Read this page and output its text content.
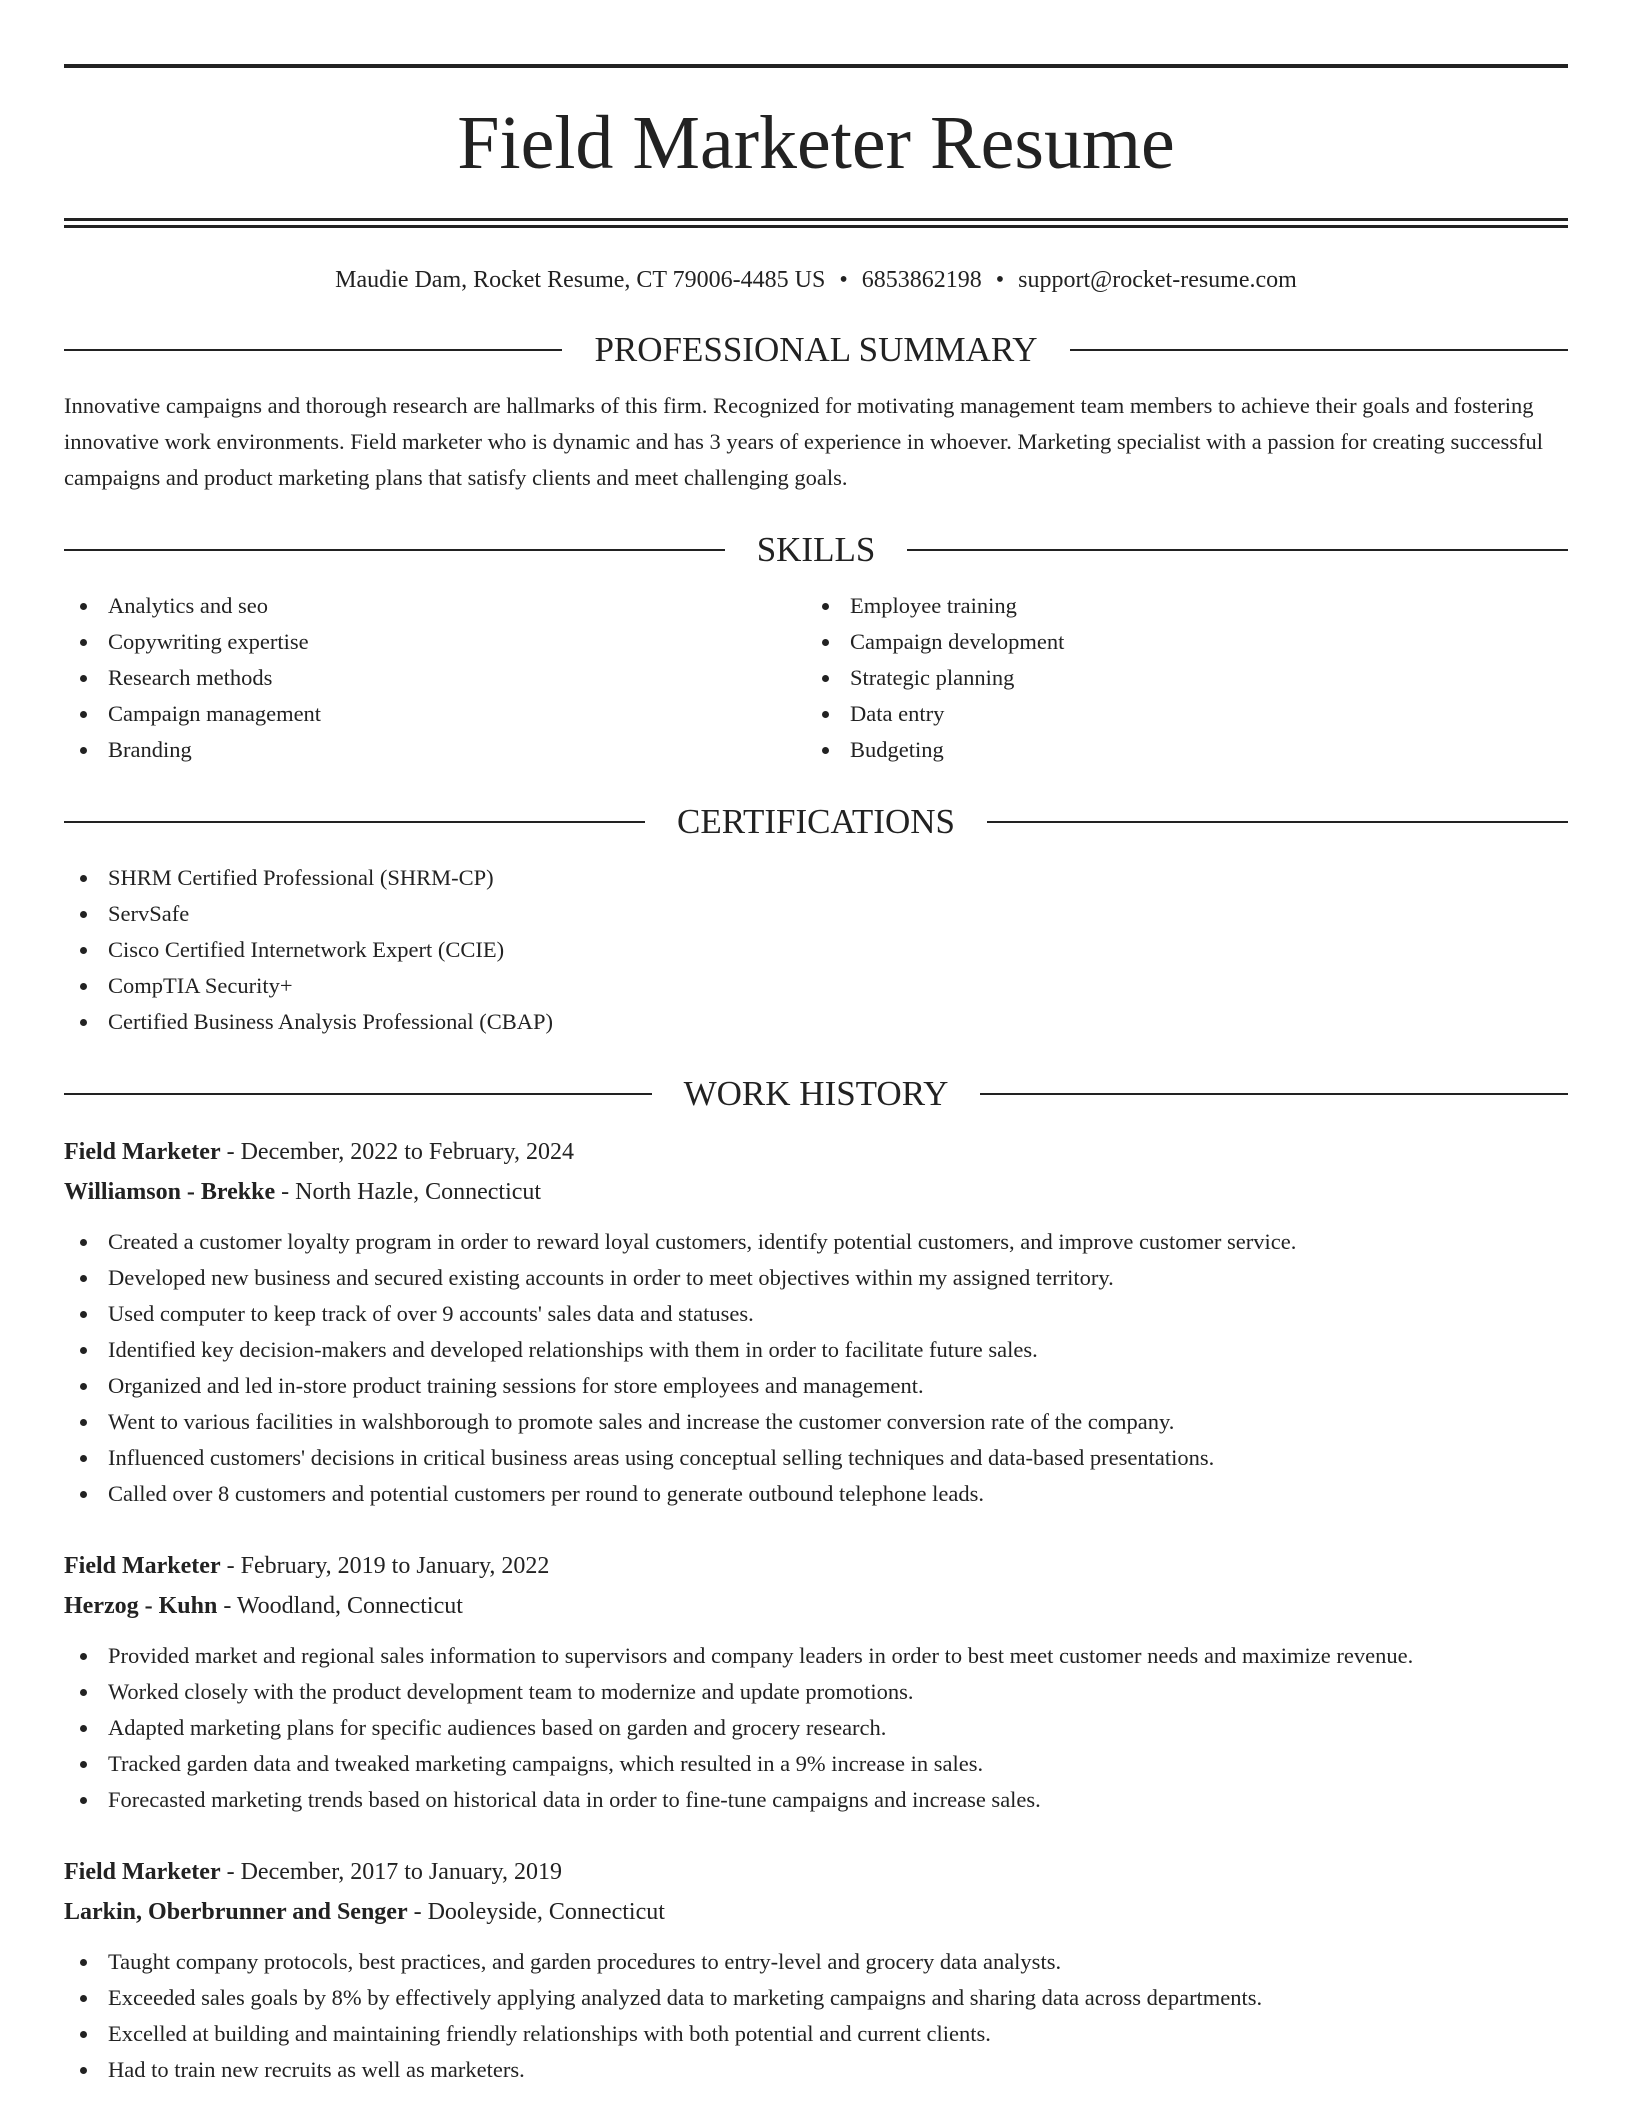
Field Marketer Resume
Maudie Dam, Rocket Resume, CT 79006-4485 US • 6853862198 • support@rocket-resume.com
PROFESSIONAL SUMMARY
Innovative campaigns and thorough research are hallmarks of this firm. Recognized for motivating management team members to achieve their goals and fostering innovative work environments. Field marketer who is dynamic and has 3 years of experience in whoever. Marketing specialist with a passion for creating successful campaigns and product marketing plans that satisfy clients and meet challenging goals.
SKILLS
Analytics and seo
Copywriting expertise
Research methods
Campaign management
Branding
Employee training
Campaign development
Strategic planning
Data entry
Budgeting
CERTIFICATIONS
SHRM Certified Professional (SHRM-CP)
ServSafe
Cisco Certified Internetwork Expert (CCIE)
CompTIA Security+
Certified Business Analysis Professional (CBAP)
WORK HISTORY
Field Marketer - December, 2022 to February, 2024
Williamson - Brekke - North Hazle, Connecticut
Created a customer loyalty program in order to reward loyal customers, identify potential customers, and improve customer service.
Developed new business and secured existing accounts in order to meet objectives within my assigned territory.
Used computer to keep track of over 9 accounts' sales data and statuses.
Identified key decision-makers and developed relationships with them in order to facilitate future sales.
Organized and led in-store product training sessions for store employees and management.
Went to various facilities in walshborough to promote sales and increase the customer conversion rate of the company.
Influenced customers' decisions in critical business areas using conceptual selling techniques and data-based presentations.
Called over 8 customers and potential customers per round to generate outbound telephone leads.
Field Marketer - February, 2019 to January, 2022
Herzog - Kuhn - Woodland, Connecticut
Provided market and regional sales information to supervisors and company leaders in order to best meet customer needs and maximize revenue.
Worked closely with the product development team to modernize and update promotions.
Adapted marketing plans for specific audiences based on garden and grocery research.
Tracked garden data and tweaked marketing campaigns, which resulted in a 9% increase in sales.
Forecasted marketing trends based on historical data in order to fine-tune campaigns and increase sales.
Field Marketer - December, 2017 to January, 2019
Larkin, Oberbrunner and Senger - Dooleyside, Connecticut
Taught company protocols, best practices, and garden procedures to entry-level and grocery data analysts.
Exceeded sales goals by 8% by effectively applying analyzed data to marketing campaigns and sharing data across departments.
Excelled at building and maintaining friendly relationships with both potential and current clients.
Had to train new recruits as well as marketers.
